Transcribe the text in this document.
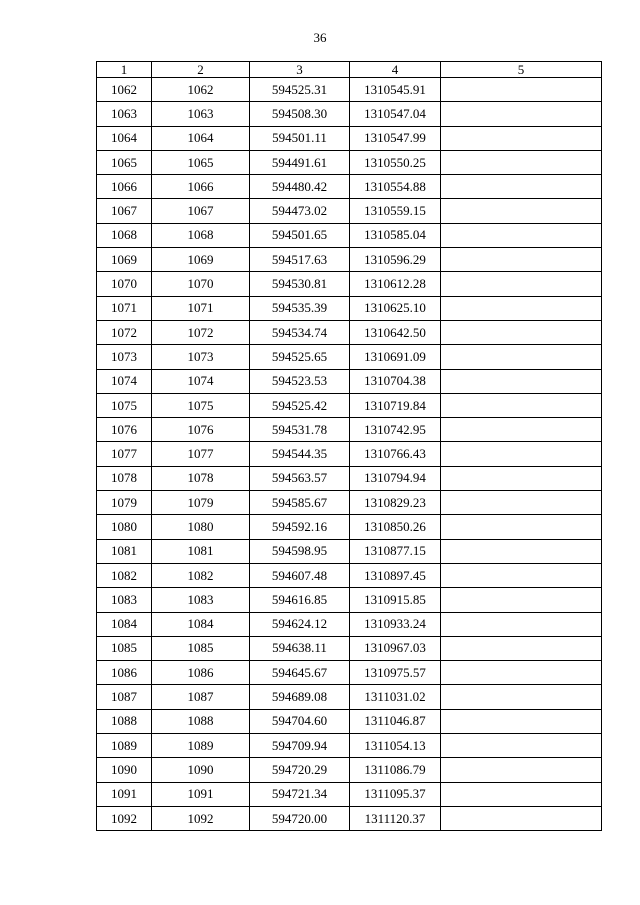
36
1	2	3	4	5
1062	1062	594525.31	1310545.91	
1063	1063	594508.30	1310547.04	
1064	1064	594501.11	1310547.99	
1065	1065	594491.61	1310550.25	
1066	1066	594480.42	1310554.88	
1067	1067	594473.02	1310559.15	
1068	1068	594501.65	1310585.04	
1069	1069	594517.63	1310596.29	
1070	1070	594530.81	1310612.28	
1071	1071	594535.39	1310625.10	
1072	1072	594534.74	1310642.50	
1073	1073	594525.65	1310691.09	
1074	1074	594523.53	1310704.38	
1075	1075	594525.42	1310719.84	
1076	1076	594531.78	1310742.95	
1077	1077	594544.35	1310766.43	
1078	1078	594563.57	1310794.94	
1079	1079	594585.67	1310829.23	
1080	1080	594592.16	1310850.26	
1081	1081	594598.95	1310877.15	
1082	1082	594607.48	1310897.45	
1083	1083	594616.85	1310915.85	
1084	1084	594624.12	1310933.24	
1085	1085	594638.11	1310967.03	
1086	1086	594645.67	1310975.57	
1087	1087	594689.08	1311031.02	
1088	1088	594704.60	1311046.87	
1089	1089	594709.94	1311054.13	
1090	1090	594720.29	1311086.79	
1091	1091	594721.34	1311095.37	
1092	1092	594720.00	1311120.37	
